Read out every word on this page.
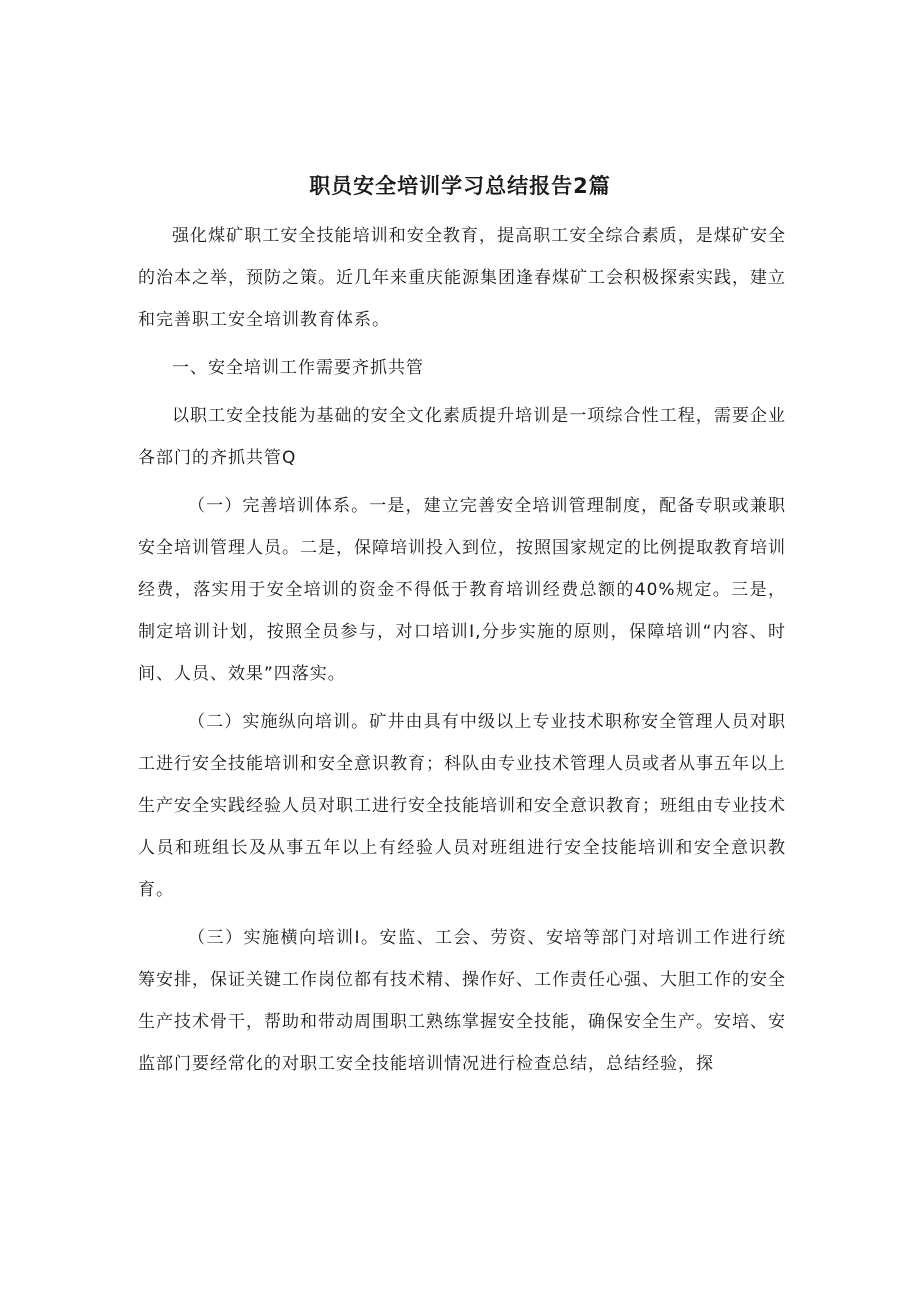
职员安全培训学习总结报告2篇

强化煤矿职工安全技能培训和安全教育，提高职工安全综合素质，是煤矿安全的治本之举，预防之策。近几年来重庆能源集团逢春煤矿工会积极探索实践，建立和完善职工安全培训教育体系。

一、安全培训工作需要齐抓共管

以职工安全技能为基础的安全文化素质提升培训是一项综合性工程，需要企业各部门的齐抓共管Q

（一）完善培训体系。一是，建立完善安全培训管理制度，配备专职或兼职安全培训管理人员。二是，保障培训投入到位，按照国家规定的比例提取教育培训经费，落实用于安全培训的资金不得低于教育培训经费总额的40%规定。三是，制定培训计划，按照全员参与，对口培训I,分步实施的原则，保障培训“内容、时间、人员、效果”四落实。

（二）实施纵向培训。矿井由具有中级以上专业技术职称安全管理人员对职工进行安全技能培训和安全意识教育；科队由专业技术管理人员或者从事五年以上生产安全实践经验人员对职工进行安全技能培训和安全意识教育；班组由专业技术人员和班组长及从事五年以上有经验人员对班组进行安全技能培训和安全意识教育。

（三）实施横向培训I。安监、工会、劳资、安培等部门对培训工作进行统筹安排，保证关键工作岗位都有技术精、操作好、工作责任心强、大胆工作的安全生产技术骨干，帮助和带动周围职工熟练掌握安全技能，确保安全生产。安培、安监部门要经常化的对职工安全技能培训情况进行检查总结，总结经验，探
